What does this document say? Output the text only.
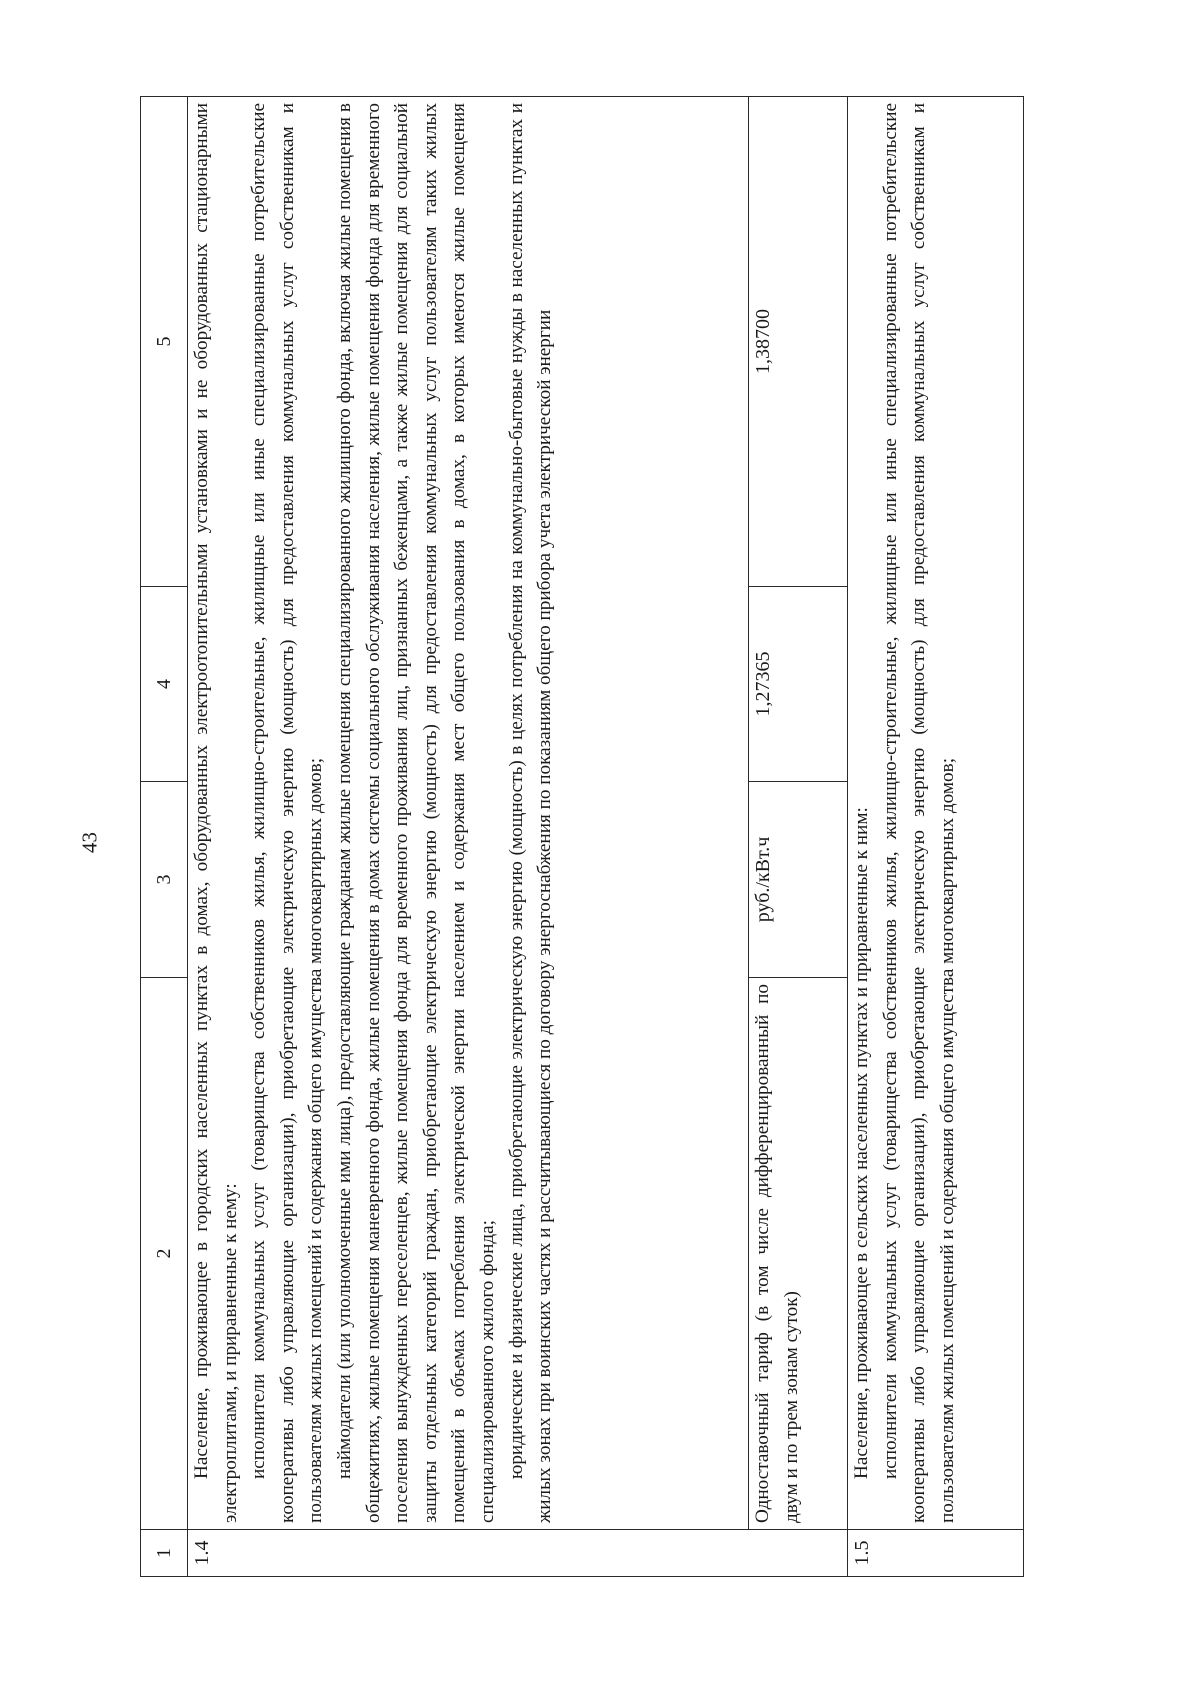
43
1	2	3	4	5
1.4	Население, проживающее в городских населенных пунктах в домах, оборудованных электроотопительными установками и не оборудованных стационарными электроплитами, и приравненные к нему: исполнители коммунальных услуг (товарищества собственников жилья, жилищно-строительные, жилищные или иные специализированные потребительские кооперативы либо управляющие организации), приобретающие электрическую энергию (мощность) для предоставления коммунальных услуг собственникам и пользователям жилых помещений и содержания общего имущества многоквартирных домов; наймодатели (или уполномоченные ими лица), предоставляющие гражданам жилые помещения специализированного жилищного фонда, включая жилые помещения в общежитиях, жилые помещения маневренного фонда, жилые помещения в домах системы социального обслуживания населения, жилые помещения фонда для временного поселения вынужденных переселенцев, жилые помещения фонда для временного проживания лиц, признанных беженцами, а также жилые помещения для социальной защиты отдельных категорий граждан, приобретающие электрическую энергию (мощность) для предоставления коммунальных услуг пользователям таких жилых помещений в объемах потребления электрической энергии населением и содержания мест общего пользования в домах, в которых имеются жилые помещения специализированного жилого фонда; юридические и физические лица, приобретающие электрическую энергию (мощность) в целях потребления на коммунально-бытовые нужды в населенных пунктах и жилых зонах при воинских частях и рассчитывающиеся по договору энергоснабжения по показаниям общего прибора учета электрической энергии			

	Одноставочный тариф (в том числе дифференцированный по двум и по трем зонам суток)	руб./кВт.ч	1,27365	1,38700
1.5	Население, проживающее в сельских населенных пунктах и приравненные к ним: исполнители коммунальных услуг (товарищества собственников жилья, жилищно-строительные, жилищные или иные специализированные потребительские кооперативы либо управляющие организации), приобретающие электрическую энергию (мощность) для предоставления коммунальных услуг собственникам и пользователям жилых помещений и содержания общего имущества многоквартирных домов;			
